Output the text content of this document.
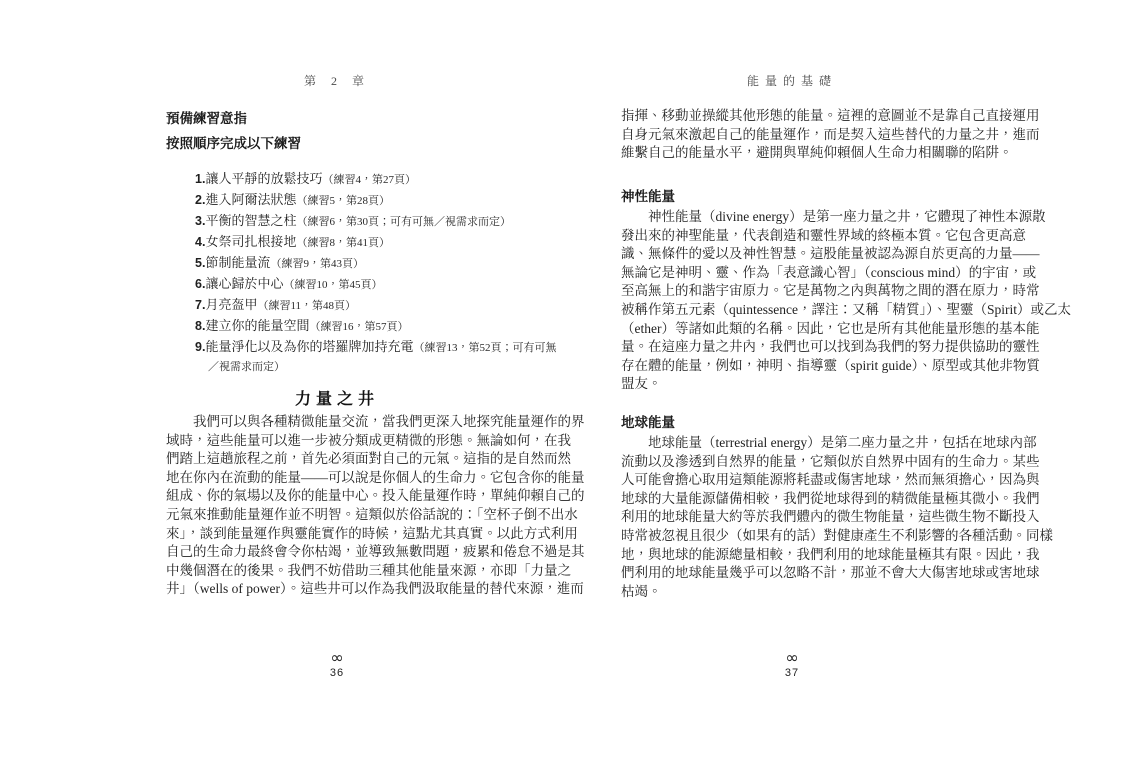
第 2 章
預備練習意指
按照順序完成以下練習
1.讓人平靜的放鬆技巧（練習4，第27頁）
2.進入阿爾法狀態（練習5，第28頁）
3.平衡的智慧之柱（練習6，第30頁；可有可無／視需求而定）
4.女祭司扎根接地（練習8，第41頁）
5.節制能量流（練習9，第43頁）
6.讓心歸於中心（練習10，第45頁）
7.月亮盔甲（練習11，第48頁）
8.建立你的能量空間（練習16，第57頁）
9.能量淨化以及為你的塔羅牌加持充電（練習13，第52頁；可有可無
／視需求而定）
力量之井
我們可以與各種精微能量交流，當我們更深入地探究能量運作的界
域時，這些能量可以進一步被分類成更精微的形態。無論如何，在我
們踏上這趟旅程之前，首先必須面對自己的元氣。這指的是自然而然
地在你內在流動的能量——可以說是你個人的生命力。它包含你的能量
組成、你的氣場以及你的能量中心。投入能量運作時，單純仰賴自己的
元氣來推動能量運作並不明智。這類似於俗話說的：「空杯子倒不出水
來」，談到能量運作與靈能實作的時候，這點尤其真實。以此方式利用
自己的生命力最終會令你枯竭，並導致無數問題，疲累和倦怠不過是其
中幾個潛在的後果。我們不妨借助三種其他能量來源，亦即「力量之
井」（wells of power）。這些井可以作為我們汲取能量的替代來源，進而
∞
36
能量的基礎
指揮、移動並操縱其他形態的能量。這裡的意圖並不是靠自己直接運用
自身元氣來激起自己的能量運作，而是契入這些替代的力量之井，進而
維繫自己的能量水平，避開與單純仰賴個人生命力相關聯的陷阱。
神性能量
神性能量（divine energy）是第一座力量之井，它體現了神性本源散
發出來的神聖能量，代表創造和靈性界域的終極本質。它包含更高意
識、無條件的愛以及神性智慧。這股能量被認為源自於更高的力量——
無論它是神明、靈、作為「表意識心智」（conscious mind）的宇宙，或
至高無上的和諧宇宙原力。它是萬物之內與萬物之間的潛在原力，時常
被稱作第五元素（quintessence，譯注：又稱「精質」）、聖靈（Spirit）或乙太
（ether）等諸如此類的名稱。因此，它也是所有其他能量形態的基本能
量。在這座力量之井內，我們也可以找到為我們的努力提供協助的靈性
存在體的能量，例如，神明、指導靈（spirit guide）、原型或其他非物質
盟友。
地球能量
地球能量（terrestrial energy）是第二座力量之井，包括在地球內部
流動以及滲透到自然界的能量，它類似於自然界中固有的生命力。某些
人可能會擔心取用這類能源將耗盡或傷害地球，然而無須擔心，因為與
地球的大量能源儲備相較，我們從地球得到的精微能量極其微小。我們
利用的地球能量大約等於我們體內的微生物能量，這些微生物不斷投入
時常被忽視且很少（如果有的話）對健康產生不利影響的各種活動。同樣
地，與地球的能源總量相較，我們利用的地球能量極其有限。因此，我
們利用的地球能量幾乎可以忽略不計，那並不會大大傷害地球或害地球
枯竭。
∞
37
